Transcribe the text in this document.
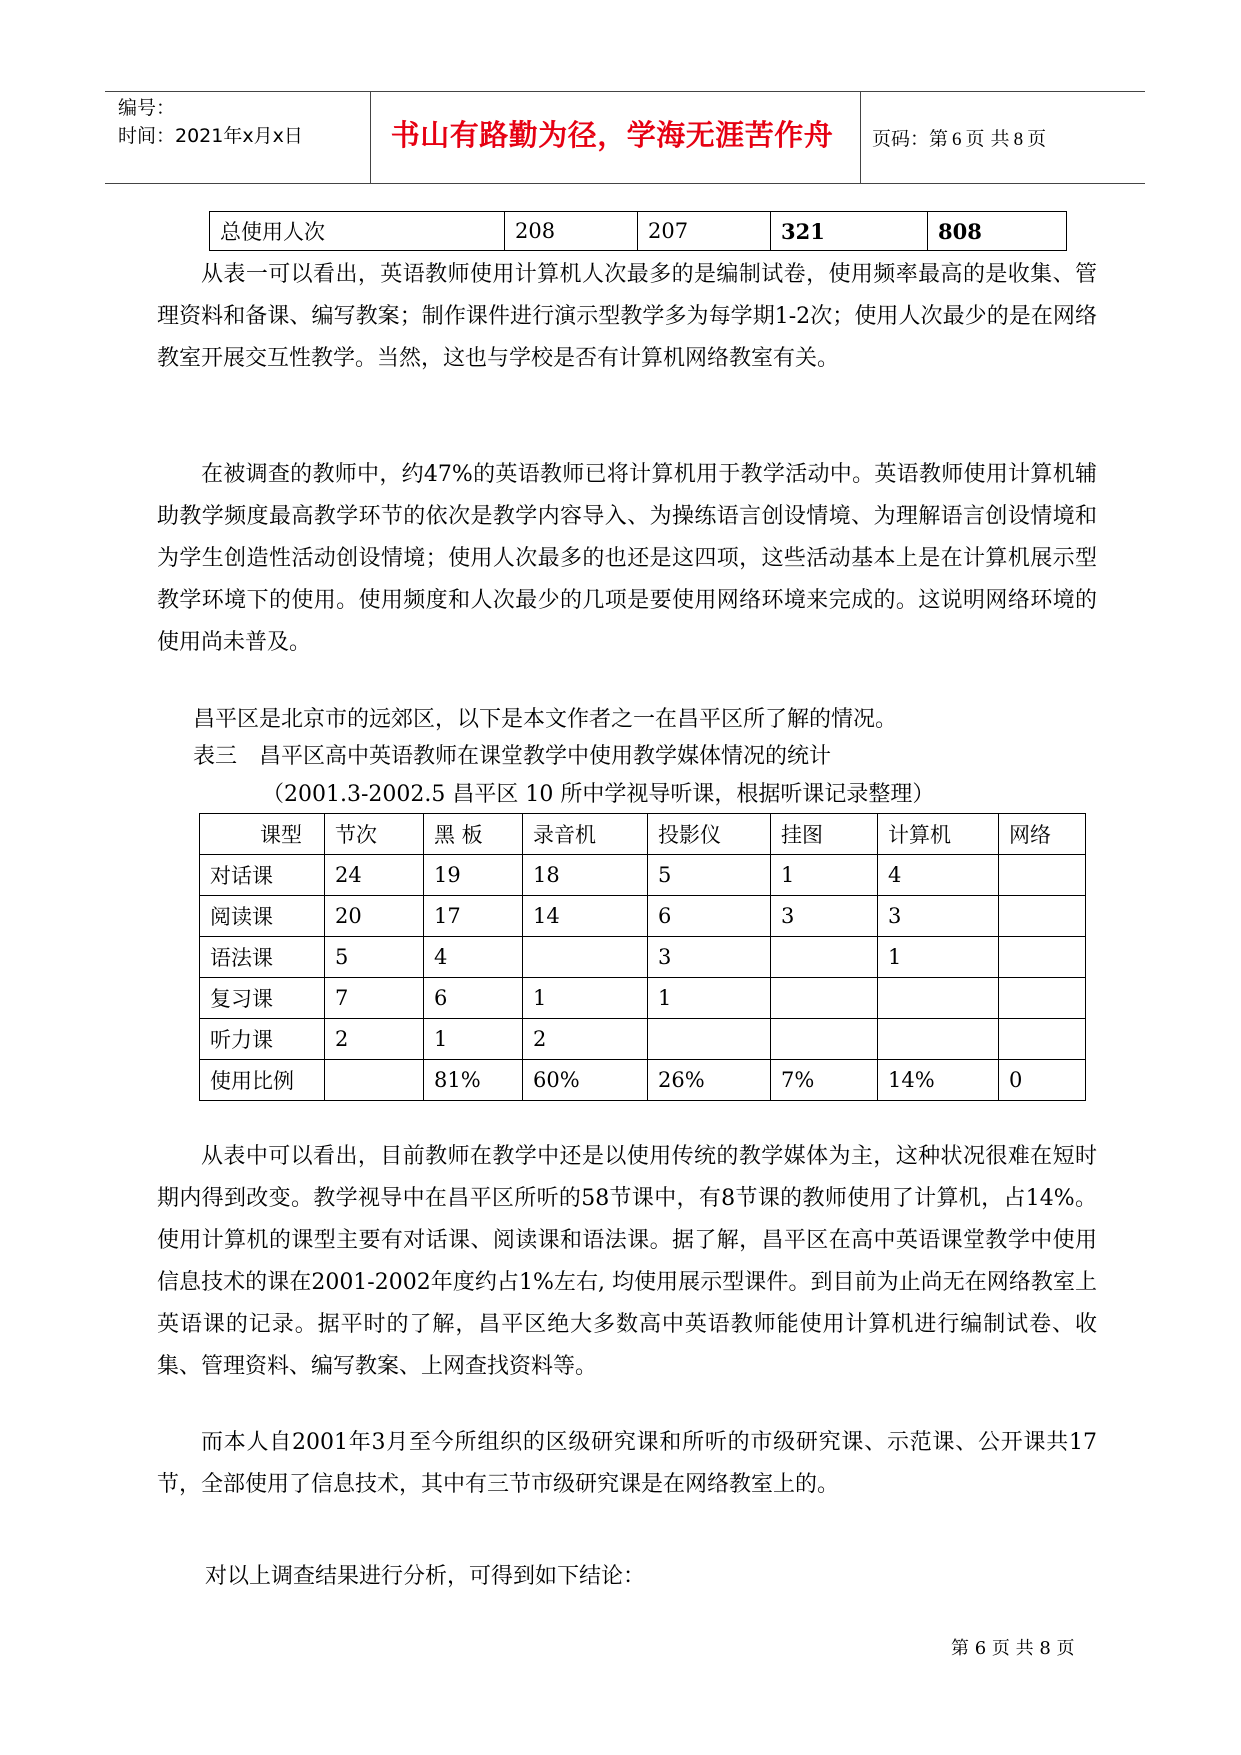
编号：
时间：2021年x月x日	书山有路勤为径，学海无涯苦作舟	页码：第 6 页 共 8 页
总使用人次	208	207	321	808
从表一可以看出，英语教师使用计算机人次最多的是编制试卷，使用频率最高的是收集、管理资料和备课、编写教案；制作课件进行演示型教学多为每学期1-2次；使用人次最少的是在网络教室开展交互性教学。当然，这也与学校是否有计算机网络教室有关。
在被调查的教师中，约47%的英语教师已将计算机用于教学活动中。英语教师使用计算机辅助教学频度最高教学环节的依次是教学内容导入、为操练语言创设情境、为理解语言创设情境和为学生创造性活动创设情境；使用人次最多的也还是这四项，这些活动基本上是在计算机展示型教学环境下的使用。使用频度和人次最少的几项是要使用网络环境来完成的。这说明网络环境的使用尚未普及。
昌平区是北京市的远郊区，以下是本文作者之一在昌平区所了解的情况。
表三　昌平区高中英语教师在课堂教学中使用教学媒体情况的统计
（2001.3-2002.5 昌平区 10 所中学视导听课，根据听课记录整理）
课型	节次	黑 板	录音机	投影仪	挂图	计算机	网络
对话课	24	19	18	5	1	4	
阅读课	20	17	14	6	3	3	
语法课	5	4		3		1	
复习课	7	6	1	1			
听力课	2	1	2				
使用比例		81%	60%	26%	7%	14%	0
从表中可以看出，目前教师在教学中还是以使用传统的教学媒体为主，这种状况很难在短时期内得到改变。教学视导中在昌平区所听的58节课中，有8节课的教师使用了计算机，占14%。使用计算机的课型主要有对话课、阅读课和语法课。据了解，昌平区在高中英语课堂教学中使用信息技术的课在2001-2002年度约占1%左右, 均使用展示型课件。到目前为止尚无在网络教室上英语课的记录。据平时的了解，昌平区绝大多数高中英语教师能使用计算机进行编制试卷、收集、管理资料、编写教案、上网查找资料等。
而本人自2001年3月至今所组织的区级研究课和所听的市级研究课、示范课、公开课共17节，全部使用了信息技术，其中有三节市级研究课是在网络教室上的。
对以上调查结果进行分析，可得到如下结论：
第 6 页 共 8 页
